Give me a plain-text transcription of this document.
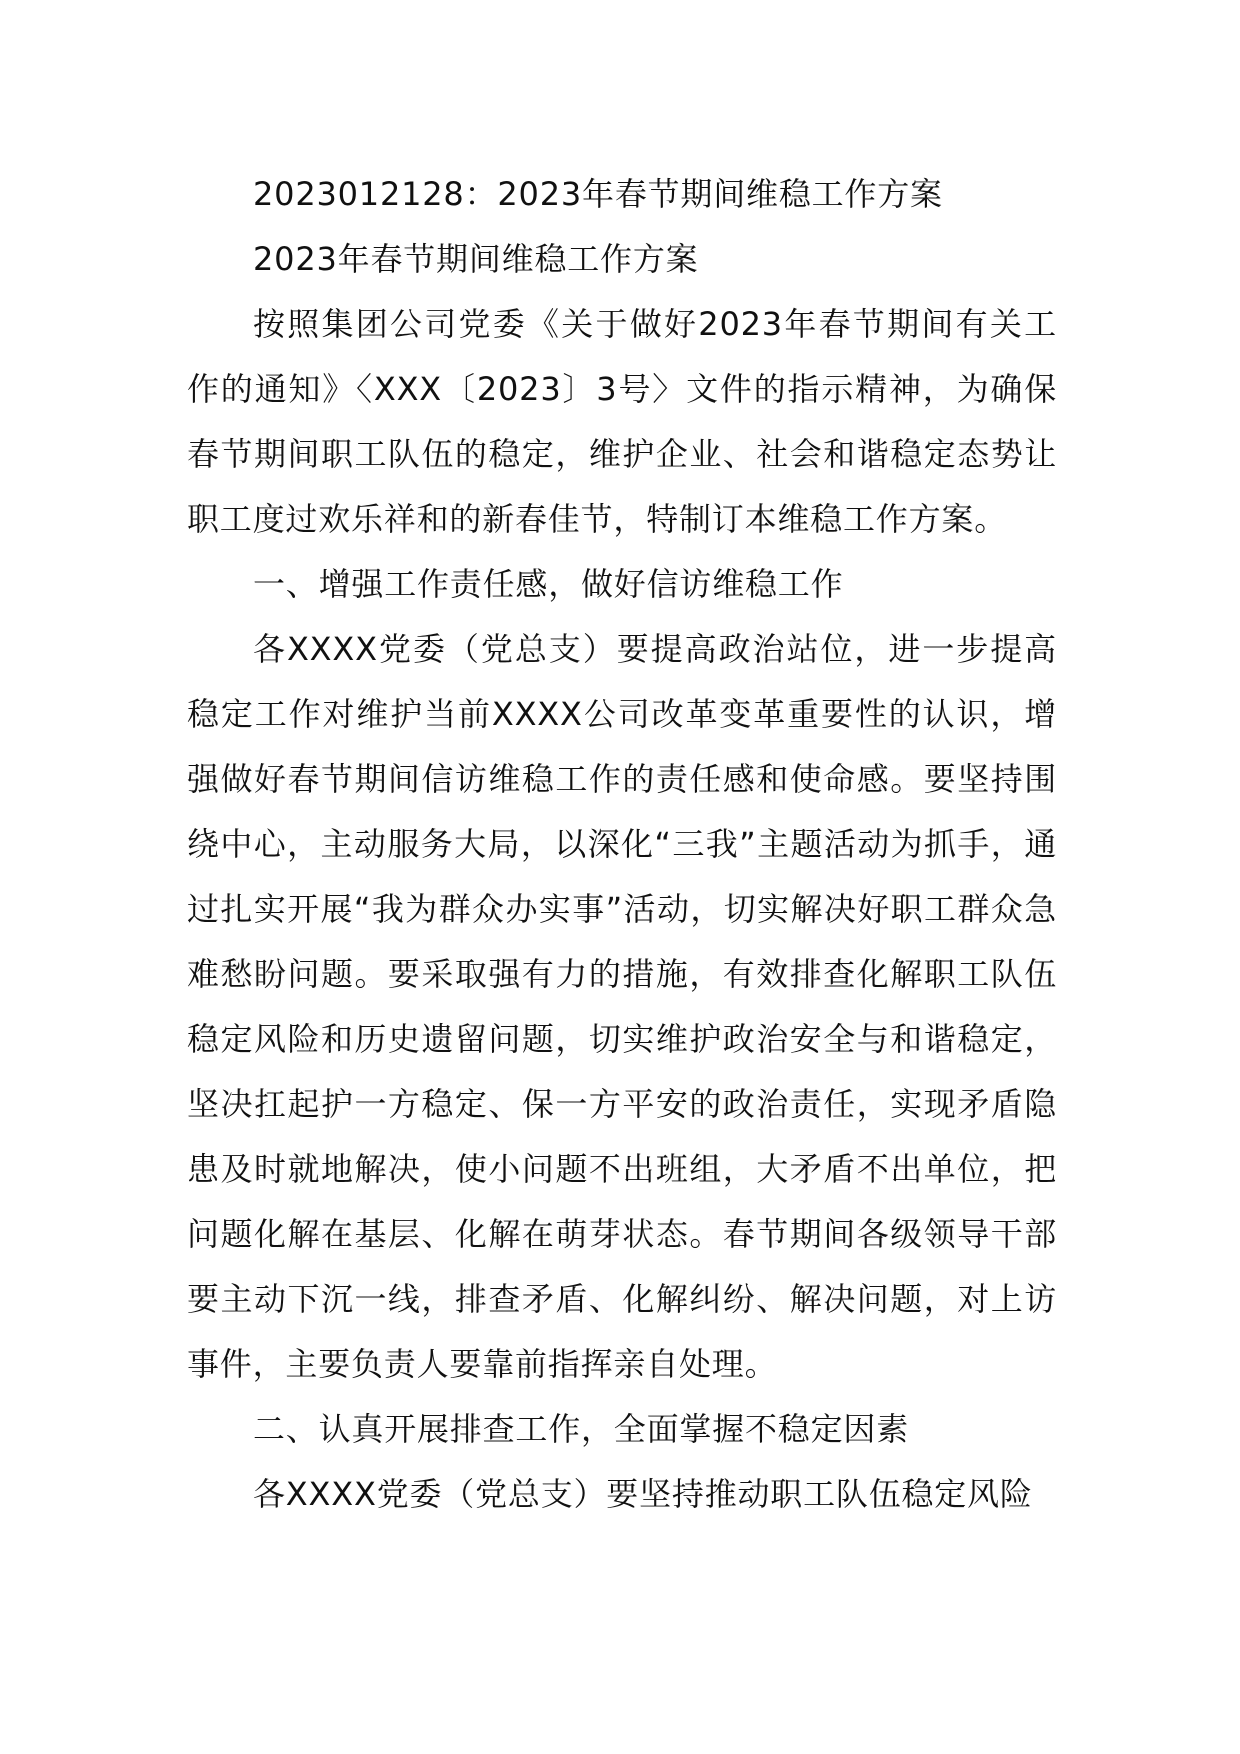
2023012128：2023年春节期间维稳工作方案

2023年春节期间维稳工作方案

按照集团公司党委《关于做好2023年春节期间有关工作的通知》〈XXX〔2023〕3号〉文件的指示精神，为确保春节期间职工队伍的稳定，维护企业、社会和谐稳定态势让职工度过欢乐祥和的新春佳节，特制订本维稳工作方案。

一、增强工作责任感，做好信访维稳工作

各XXXX党委（党总支）要提高政治站位，进一步提高稳定工作对维护当前XXXX公司改革变革重要性的认识，增强做好春节期间信访维稳工作的责任感和使命感。要坚持围绕中心，主动服务大局，以深化“三我”主题活动为抓手，通过扎实开展“我为群众办实事”活动，切实解决好职工群众急难愁盼问题。要采取强有力的措施，有效排查化解职工队伍稳定风险和历史遗留问题，切实维护政治安全与和谐稳定，坚决扛起护一方稳定、保一方平安的政治责任，实现矛盾隐患及时就地解决，使小问题不出班组，大矛盾不出单位，把问题化解在基层、化解在萌芽状态。春节期间各级领导干部要主动下沉一线，排查矛盾、化解纠纷、解决问题，对上访事件，主要负责人要靠前指挥亲自处理。

二、认真开展排查工作，全面掌握不稳定因素

各XXXX党委（党总支）要坚持推动职工队伍稳定风险
